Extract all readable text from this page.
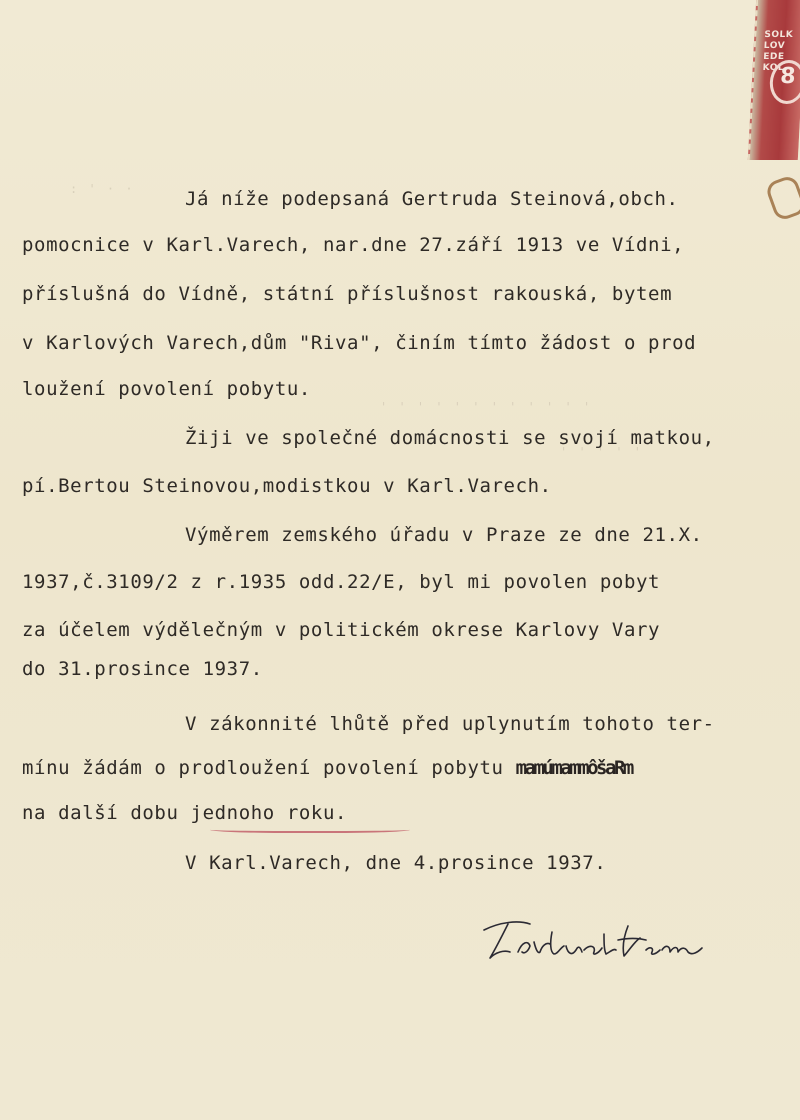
SOLK
LOV
EDE
KOL
8
: ' · ·
' ' ' ' ' ' ' ' ' ' ' '
' ' ' ' '
Já níže podepsaná Gertruda Steinová,obch.
pomocnice v Karl.Varech, nar.dne 27.září 1913 ve Vídni,
příslušná do Vídně, státní příslušnost rakouská, bytem
v Karlových Varech,dům "Riva", činím tímto žádost o prod
loužení povolení pobytu.
Žiji ve společné domácnosti se svojí matkou,
pí.Bertou Steinovou,modistkou v Karl.Varech.
Výměrem zemského úřadu v Praze ze dne 21.X.
1937,č.3109/2 z r.1935 odd.22/E, byl mi povolen pobyt
za účelem výdělečným v politickém okrese Karlovy Vary
do 31.prosince 1937.
V zákonnité lhůtě před uplynutím tohoto ter-
mínu žádám o prodloužení povolení pobytu mamúmammôšaRm
na další dobu jednoho roku.
V Karl.Varech, dne 4.prosince 1937.
